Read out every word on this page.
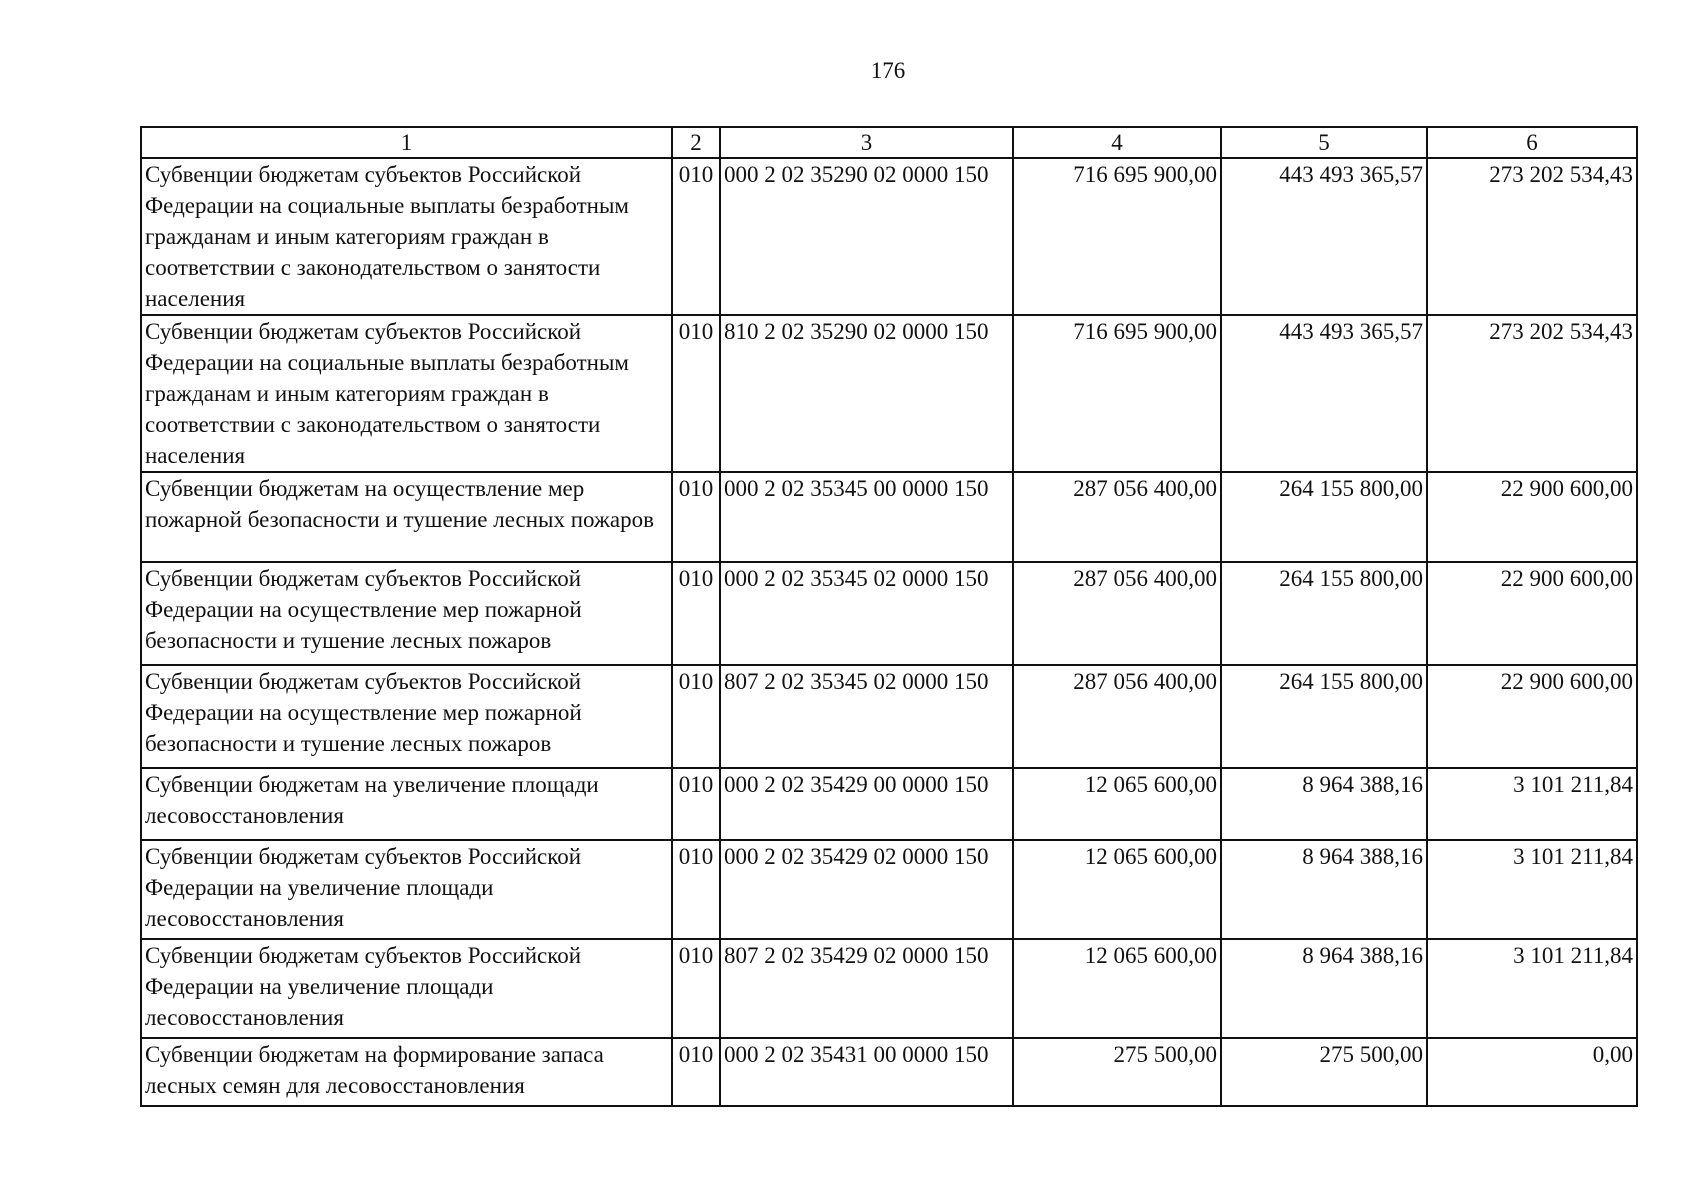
176
1	2	3	4	5	6
Субвенции бюджетам субъектов Российской Федерации на социальные выплаты безработным гражданам и иным категориям граждан в соответствии с законодательством о занятости населения	010	000 2 02 35290 02 0000 150	716 695 900,00	443 493 365,57	273 202 534,43
Субвенции бюджетам субъектов Российской Федерации на социальные выплаты безработным гражданам и иным категориям граждан в соответствии с законодательством о занятости населения	010	810 2 02 35290 02 0000 150	716 695 900,00	443 493 365,57	273 202 534,43
Субвенции бюджетам на осуществление мер пожарной безопасности и тушение лесных пожаров	010	000 2 02 35345 00 0000 150	287 056 400,00	264 155 800,00	22 900 600,00
Субвенции бюджетам субъектов Российской Федерации на осуществление мер пожарной безопасности и тушение лесных пожаров	010	000 2 02 35345 02 0000 150	287 056 400,00	264 155 800,00	22 900 600,00
Субвенции бюджетам субъектов Российской Федерации на осуществление мер пожарной безопасности и тушение лесных пожаров	010	807 2 02 35345 02 0000 150	287 056 400,00	264 155 800,00	22 900 600,00
Субвенции бюджетам на увеличение площади лесовосстановления	010	000 2 02 35429 00 0000 150	12 065 600,00	8 964 388,16	3 101 211,84
Субвенции бюджетам субъектов Российской Федерации на увеличение площади лесовосстановления	010	000 2 02 35429 02 0000 150	12 065 600,00	8 964 388,16	3 101 211,84
Субвенции бюджетам субъектов Российской Федерации на увеличение площади лесовосстановления	010	807 2 02 35429 02 0000 150	12 065 600,00	8 964 388,16	3 101 211,84
Субвенции бюджетам на формирование запаса лесных семян для лесовосстановления	010	000 2 02 35431 00 0000 150	275 500,00	275 500,00	0,00
